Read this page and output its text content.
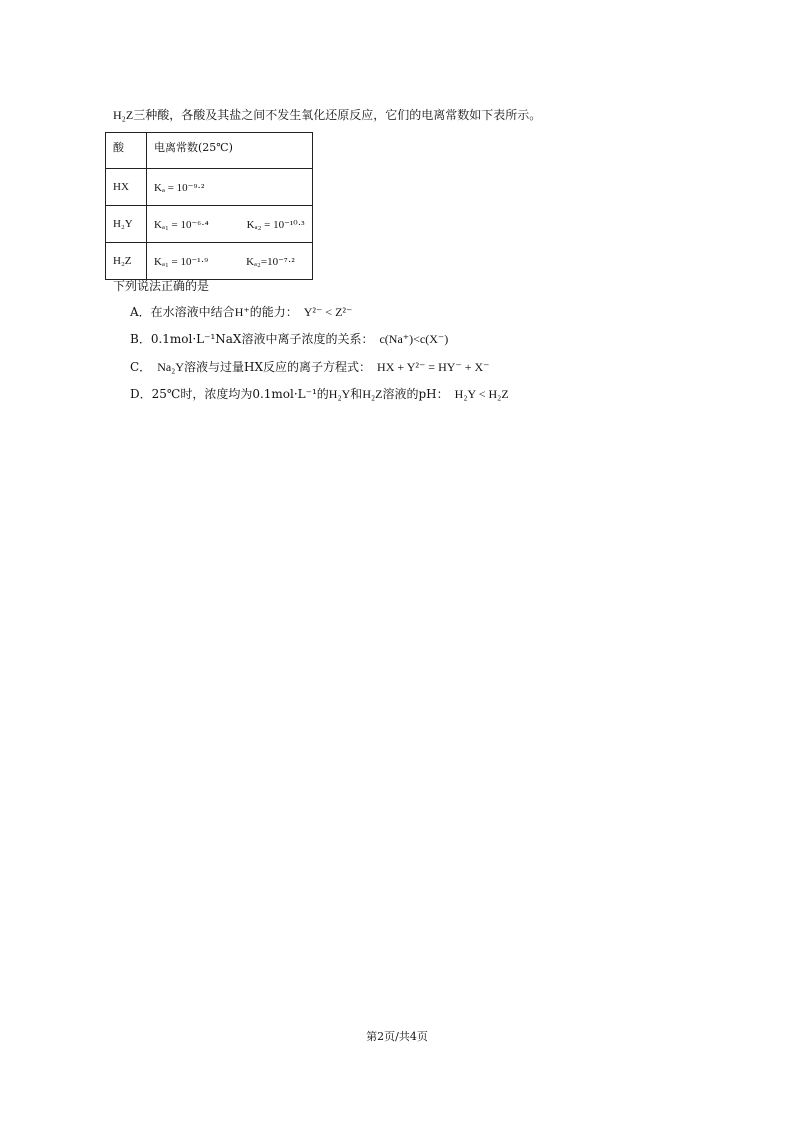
H₂Z三种酸，各酸及其盐之间不发生氧化还原反应，它们的电离常数如下表所示。
酸	电离常数(25℃)
HX	Kₐ = 10⁻⁹·²
H₂Y	Kₐ₁ = 10⁻⁶·⁴ Kₐ₂ = 10⁻¹⁰·³
H₂Z	Kₐ₁ = 10⁻¹·⁹ Kₐ₂=10⁻⁷·²
下列说法正确的是
A．在水溶液中结合H⁺的能力： Y²⁻ < Z²⁻
B．0.1mol·L⁻¹NaX溶液中离子浓度的关系： c(Na⁺)<c(X⁻)
C． Na₂Y溶液与过量HX反应的离子方程式： HX + Y²⁻ = HY⁻ + X⁻
D．25℃时，浓度均为0.1mol·L⁻¹的H₂Y和H₂Z溶液的pH： H₂Y < H₂Z
第2页/共4页
